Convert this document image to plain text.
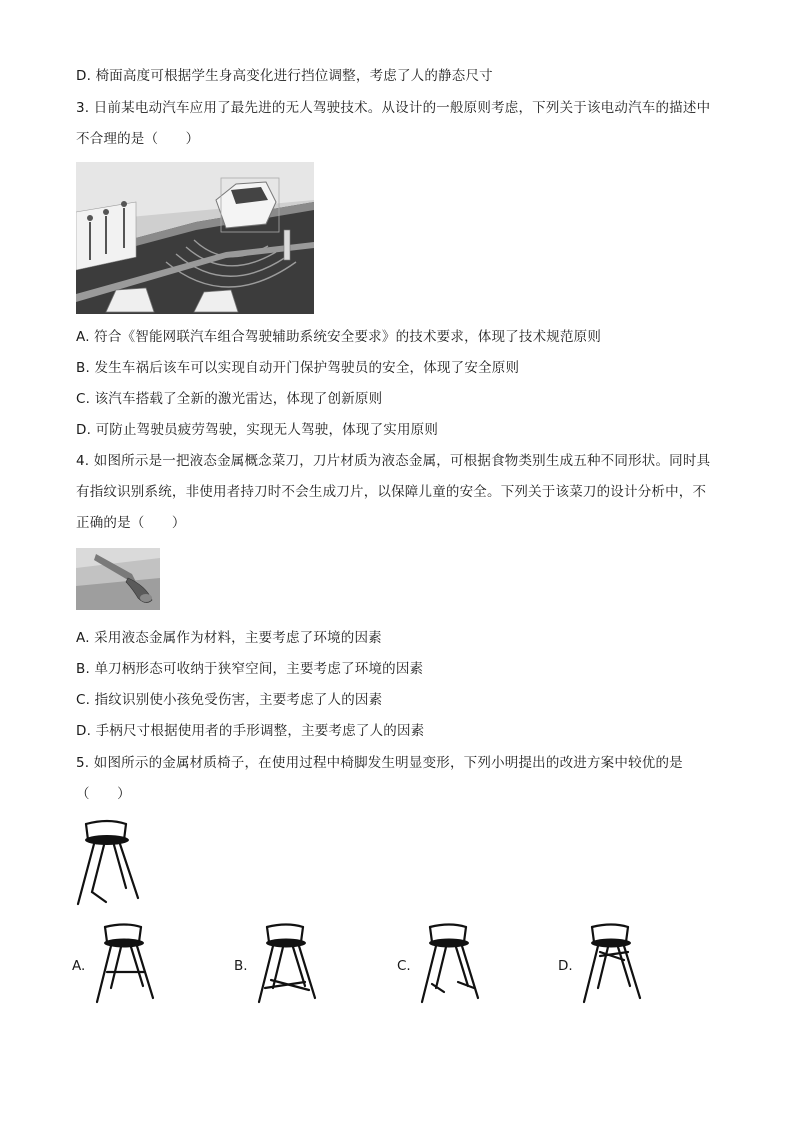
D. 椅面高度可根据学生身高变化进行挡位调整，考虑了人的静态尺寸
3. 日前某电动汽车应用了最先进的无人驾驶技术。从设计的一般原则考虑，下列关于该电动汽车的描述中
不合理的是（　　）
A. 符合《智能网联汽车组合驾驶辅助系统安全要求》的技术要求，体现了技术规范原则
B. 发生车祸后该车可以实现自动开门保护驾驶员的安全，体现了安全原则
C. 该汽车搭载了全新的激光雷达，体现了创新原则
D. 可防止驾驶员疲劳驾驶，实现无人驾驶，体现了实用原则
4. 如图所示是一把液态金属概念菜刀，刀片材质为液态金属，可根据食物类别生成五种不同形状。同时具
有指纹识别系统，非使用者持刀时不会生成刀片，以保障儿童的安全。下列关于该菜刀的设计分析中，不
正确的是（　　）
A. 采用液态金属作为材料，主要考虑了环境的因素
B. 单刀柄形态可收纳于狭窄空间，主要考虑了环境的因素
C. 指纹识别使小孩免受伤害，主要考虑了人的因素
D. 手柄尺寸根据使用者的手形调整，主要考虑了人的因素
5. 如图所示的金属材质椅子，在使用过程中椅脚发生明显变形，下列小明提出的改进方案中较优的是
（　　）
A.	B.	C.	D.
